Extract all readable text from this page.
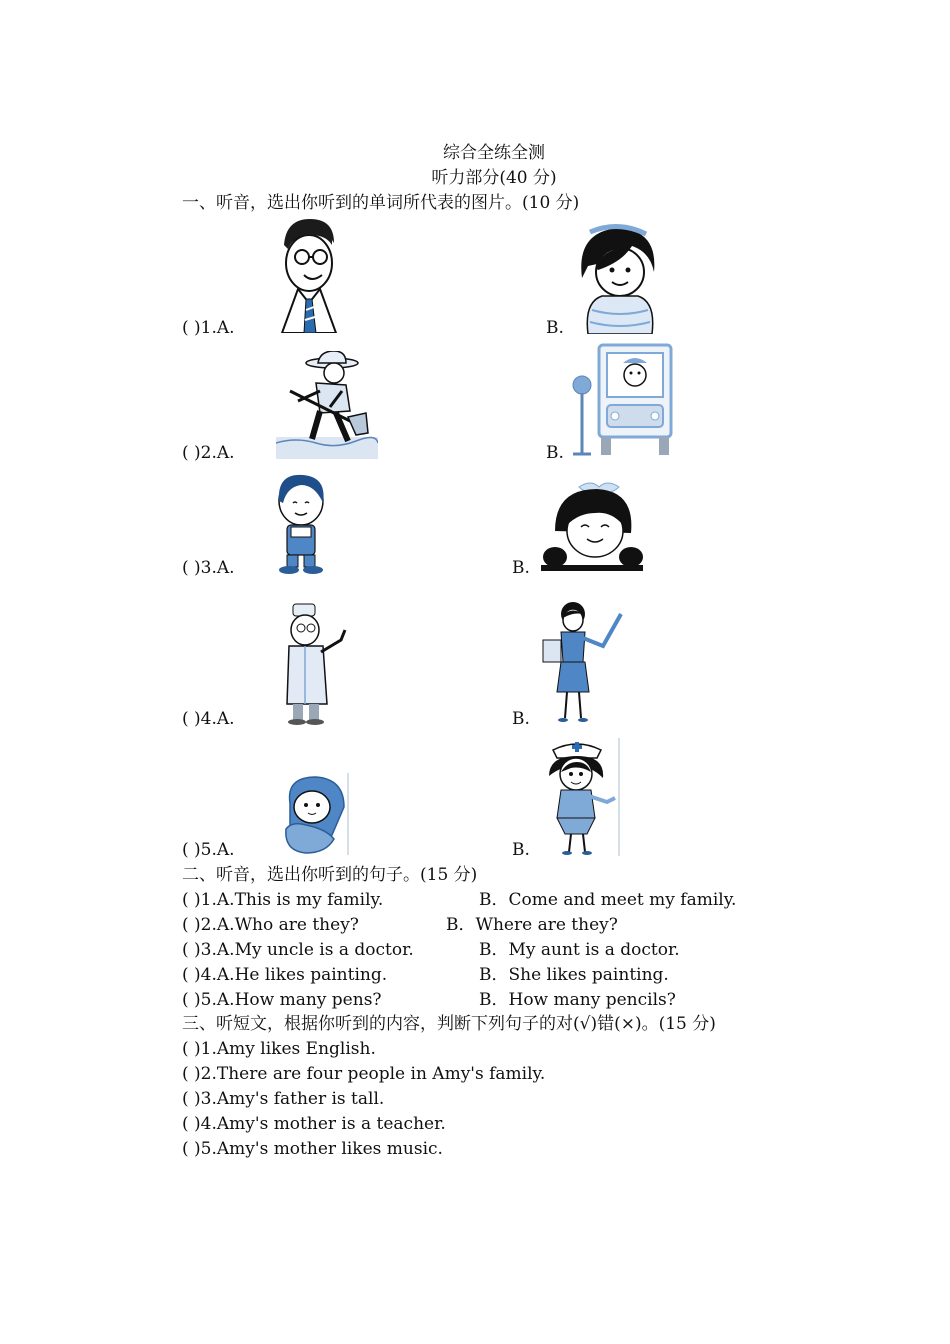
综合全练全测
听力部分(40 分)
一、听音，选出你听到的单词所代表的图片。(10 分)
( )1.A.	B.
( )2.A.	B.
( )3.A.	B.
( )4.A.	B.
( )5.A.	B.
二、听音，选出你听到的句子。(15 分)
( )1.A.This is my family.	B．Come and meet my family.
( )2.A.Who are they?	B．Where are they?
( )3.A.My uncle is a doctor.	B．My aunt is a doctor.
( )4.A.He likes painting.	B．She likes painting.
( )5.A.How many pens?	B．How many pencils?
三、听短文，根据你听到的内容，判断下列句子的对(√)错(×)。(15 分)
( )1.Amy likes English.
( )2.There are four people in Amy's family.
( )3.Amy's father is tall.
( )4.Amy's mother is a teacher.
( )5.Amy's mother likes music.
